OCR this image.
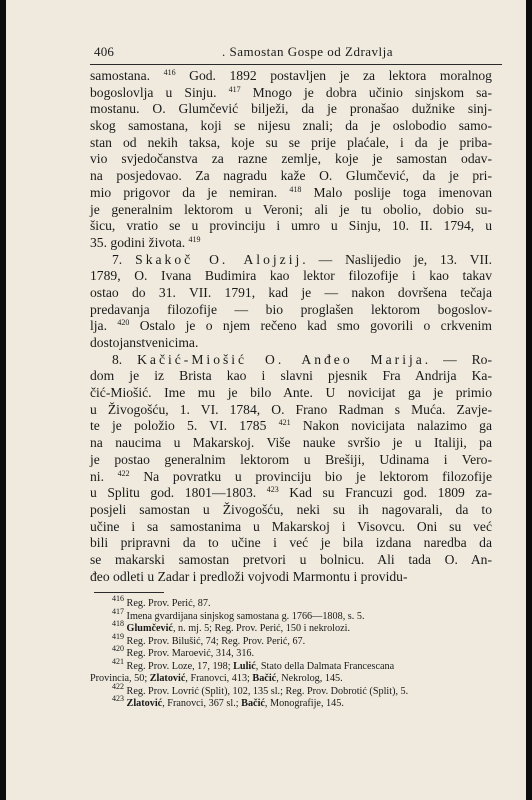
406	. Samostan Gospe od Zdravlja
samostana. $^{416}$ God. 1892 postavljen je za lektora moralnog
bogoslovlja u Sinju. $^{417}$ Mnogo je dobra učinio sinjskom sa-
mostanu. O. Glumčević bilježi, da je pronašao dužnike sinj-
skog samostana, koji se nijesu znali; da je oslobodio samo-
stan od nekih taksa, koje su se prije plaćale, i da je priba-
vio svjedočanstva za razne zemlje, koje je samostan odav-
na posjedovao. Za nagradu kaže O. Glumčević, da je pri-
mio prigovor da je nemiran. $^{418}$ Malo poslije toga imenovan
je generalnim lektorom u Veroni; ali je tu obolio, dobio su-
šicu, vratio se u provinciju i umro u Sinju, 10. II. 1794, u
35. godini života. $^{419}$
7. Skakoč O. Alojzij. — Naslijedio je, 13. VII.
1789, O. Ivana Budimira kao lektor filozofije i kao takav
ostao do 31. VII. 1791, kad je — nakon dovršena tečaja
predavanja filozofije — bio proglašen lektorom bogoslov-
lja. $^{420}$ Ostalo je o njem rečeno kad smo govorili o crkvenim
dostojanstvenicima.
8. Kačić-Miošić O. Anđeo Marija. — Ro-
dom je iz Brista kao i slavni pjesnik Fra Andrija Ka-
čić-Miošić. Ime mu je bilo Ante. U novicijat ga je primio
u Živogošću, 1. VI. 1784, O. Frano Radman s Muća. Zavje-
te je položio 5. VI. 1785 $^{421}$ Nakon novicijata nalazimo ga
na naucima u Makarskoj. Više nauke svršio je u Italiji, pa
je postao generalnim lektorom u Brešiji, Udinama i Vero-
ni. $^{422}$ Na povratku u provinciju bio je lektorom filozofije
u Splitu god. 1801—1803. $^{423}$ Kad su Francuzi god. 1809 za-
posjeli samostan u Živogošću, neki su ih nagovarali, da to
učine i sa samostanima u Makarskoj i Visovcu. Oni su već
bili pripravni da to učine i već je bila izdana naredba da
se makarski samostan pretvori u bolnicu. Ali tada O. An-
đeo odleti u Zadar i predloži vojvodi Marmontu i providu-
$^{416}$ Reg. Prov. Perić, 87.
$^{417}$ Imena gvardijana sinjskog samostana g. 1766—1808, s. 5.
$^{418}$ Glumčević, n. mj. 5; Reg. Prov. Perić, 150 i nekrolozi.
$^{419}$ Reg. Prov. Bilušić, 74; Reg. Prov. Perić, 67.
$^{420}$ Reg. Prov. Maroević, 314, 316.
$^{421}$ Reg. Prov. Loze, 17, 198; Lulić, Stato della Dalmata Francescana
Provincia, 50; Zlatović, Franovci, 413; Bačić, Nekrolog, 145.
$^{422}$ Reg. Prov. Lovrić (Split), 102, 135 sl.; Reg. Prov. Dobrotić (Split), 5.
$^{423}$ Zlatović, Franovci, 367 sl.; Bačić, Monografije, 145.
